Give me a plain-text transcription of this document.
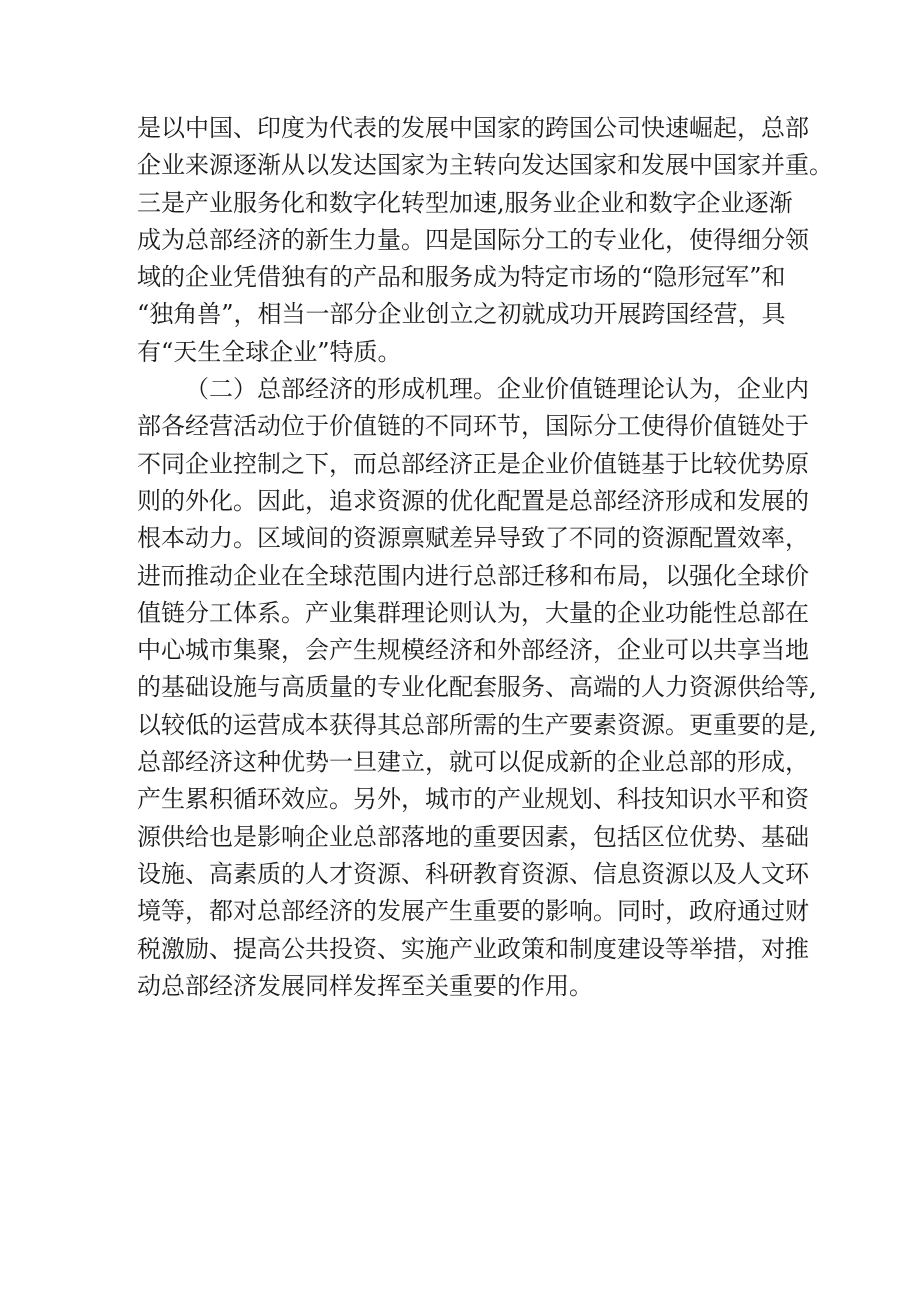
是以中国、印度为代表的发展中国家的跨国公司快速崛起，总部
企业来源逐渐从以发达国家为主转向发达国家和发展中国家并重。
三是产业服务化和数字化转型加速,服务业企业和数字企业逐渐
成为总部经济的新生力量。四是国际分工的专业化，使得细分领
域的企业凭借独有的产品和服务成为特定市场的“隐形冠军”和
“独角兽”，相当一部分企业创立之初就成功开展跨国经营，具
有“天生全球企业”特质。
（二）总部经济的形成机理。企业价值链理论认为，企业内
部各经营活动位于价值链的不同环节，国际分工使得价值链处于
不同企业控制之下，而总部经济正是企业价值链基于比较优势原
则的外化。因此，追求资源的优化配置是总部经济形成和发展的
根本动力。区域间的资源禀赋差异导致了不同的资源配置效率，
进而推动企业在全球范围内进行总部迁移和布局，以强化全球价
值链分工体系。产业集群理论则认为，大量的企业功能性总部在
中心城市集聚，会产生规模经济和外部经济，企业可以共享当地
的基础设施与高质量的专业化配套服务、高端的人力资源供给等,
以较低的运营成本获得其总部所需的生产要素资源。更重要的是,
总部经济这种优势一旦建立，就可以促成新的企业总部的形成，
产生累积循环效应。另外，城市的产业规划、科技知识水平和资
源供给也是影响企业总部落地的重要因素，包括区位优势、基础
设施、高素质的人才资源、科研教育资源、信息资源以及人文环
境等，都对总部经济的发展产生重要的影响。同时，政府通过财
税激励、提高公共投资、实施产业政策和制度建设等举措，对推
动总部经济发展同样发挥至关重要的作用。
